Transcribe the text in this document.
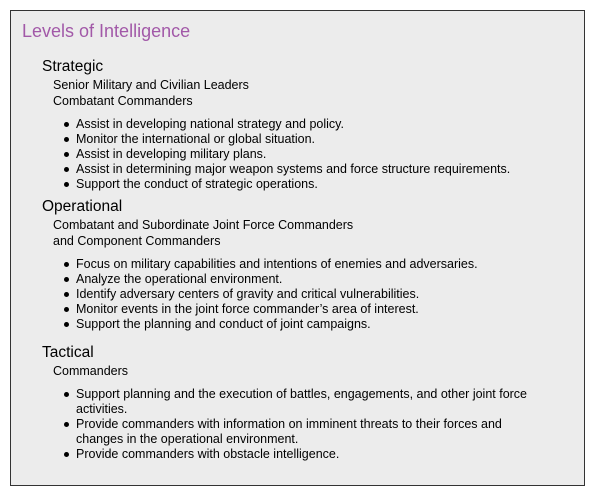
Levels of Intelligence
Strategic
Senior Military and Civilian Leaders
Combatant Commanders
Assist in developing national strategy and policy.
Monitor the international or global situation.
Assist in developing military plans.
Assist in determining major weapon systems and force structure requirements.
Support the conduct of strategic operations.
Operational
Combatant and Subordinate Joint Force Commanders
and Component Commanders
Focus on military capabilities and intentions of enemies and adversaries.
Analyze the operational environment.
Identify adversary centers of gravity and critical vulnerabilities.
Monitor events in the joint force commander’s area of interest.
Support the planning and conduct of joint campaigns.
Tactical
Commanders
Support planning and the execution of battles, engagements, and other joint force activities.
Provide commanders with information on imminent threats to their forces and changes in the operational environment.
Provide commanders with obstacle intelligence.
